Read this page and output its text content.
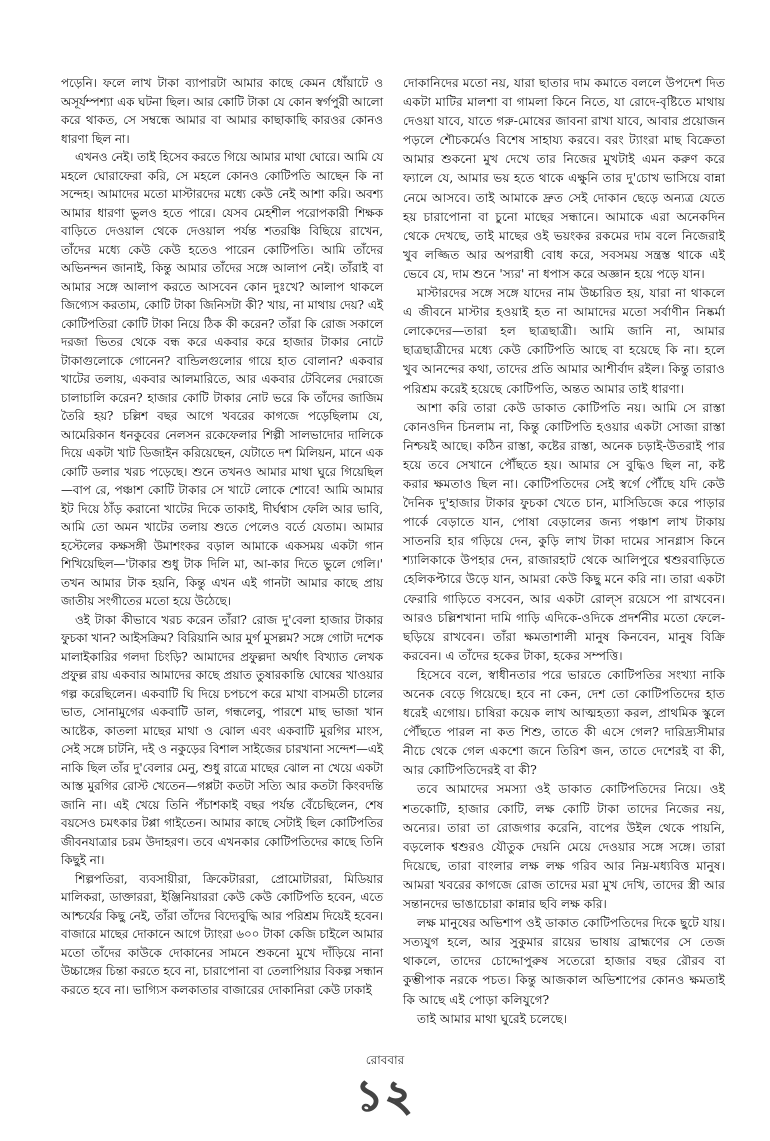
পড়েনি। ফলে লাখ টাকা ব্যাপারটা আমার কাছে কেমন ধোঁয়াটে ও অসূর্যম্পশ্যা এক ঘটনা ছিল। আর কোটি টাকা যে কোন স্বর্গপুরী আলো করে থাকত, সে সম্বন্ধে আমার বা আমার কাছাকাছি কারওর কোনও ধারণা ছিল না।

এখনও নেই। তাই হিসেব করতে গিয়ে আমার মাথা ঘোরে। আমি যে মহলে ঘোরাফেরা করি, সে মহলে কোনও কোটিপতি আছেন কি না সন্দেহ। আমাদের মতো মাস্টারদের মধ্যে কেউ নেই আশা করি। অবশ্য আমার ধারণা ভুলও হতে পারে। যেসব মেহশীল পরোপকারী শিক্ষক বাড়িতে দেওয়াল থেকে দেওয়াল পর্যন্ত শতরঞ্চি বিছিয়ে রাখেন, তাঁদের মধ্যে কেউ কেউ হতেও পারেন কোটিপতি। আমি তাঁদের অভিনন্দন জানাই, কিন্তু আমার তাঁদের সঙ্গে আলাপ নেই। তাঁরাই বা আমার সঙ্গে আলাপ করতে আসবেন কোন দুঃখে? আলাপ থাকলে জিগ্যেস করতাম, কোটি টাকা জিনিসটা কী? খায়, না মাথায় দেয়? এই কোটিপতিরা কোটি টাকা নিয়ে ঠিক কী করেন? তাঁরা কি রোজ সকালে দরজা ভিতর থেকে বন্ধ করে একবার করে হাজার টাকার নোটে টাকাগুলোকে গোনেন? বান্ডিলগুলোর গায়ে হাত বোলান? একবার খাটের তলায়, একবার আলমারিতে, আর একবার টেবিলের দেরাজে চালাচালি করেন? হাজার কোটি টাকার নোট ভরে কি তাঁদের জাজিম তৈরি হয়? চল্লিশ বছর আগে খবরের কাগজে পড়েছিলাম যে, আমেরিকান ধনকুবের নেলসন রকেফেলার শিল্পী সালভাদোর দালিকে দিয়ে একটা খাট ডিজাইন করিয়েছেন, যেটাতে দশ মিলিয়ন, মানে এক কোটি ডলার খরচ পড়েছে। শুনে তখনও আমার মাথা ঘুরে গিয়েছিল—বাপ রে, পঞ্চাশ কোটি টাকার সে খাটে লোকে শোবে! আমি আমার ইট দিয়ে ঠাঁড় করানো খাটের দিকে তাকাই, দীর্ঘশ্বাস ফেলি আর ভাবি, আমি তো অমন খাটের তলায় শুতে পেলেও বর্তে যেতাম। আমার হস্টেলের কক্ষসঙ্গী উমাশংকর বড়াল আমাকে একসময় একটা গান শিখিয়েছিল—'টাকার শুধু টাক দিলি মা, আ-কার দিতে ভুলে গেলি।' তখন আমার টাক হয়নি, কিন্তু এখন এই গানটা আমার কাছে প্রায় জাতীয় সংগীতের মতো হয়ে উঠেছে।

ওই টাকা কীভাবে খরচ করেন তাঁরা? রোজ দু'বেলা হাজার টাকার ফুচকা খান? আইসক্রিম? বিরিয়ানি আর মুর্গ মুসল্লম? সঙ্গে গোটা দশেক মালাইকারির গলদা চিংড়ি? আমাদের প্রফুল্লদা অর্থাৎ বিখ্যাত লেখক প্রফুল্ল রায় একবার আমাদের কাছে প্রয়াত তুষারকান্তি ঘোষের খাওয়ার গল্প করেছিলেন। একবাটি ঘি দিয়ে চপচপে করে মাখা বাসমতী চালের ভাত, সোনামুগের একবাটি ডাল, গন্ধলেবু, পারশে মাছ ভাজা খান আষ্টেক, কাতলা মাছের মাথা ও ঝোল এবং একবাটি মুরগির মাংস, সেই সঙ্গে চাটনি, দই ও নকুড়ের বিশাল সাইজের চারখানা সন্দেশ—এই নাকি ছিল তাঁর দু'বেলার মেনু, শুধু রাত্রে মাছের ঝোল না খেয়ে একটা আস্ত মুরগির রোস্ট খেতেন—গপ্পটা কতটা সত্যি আর কতটা কিংবদন্তি জানি না। এই খেয়ে তিনি পঁচাশকাই বছর পর্যন্ত বেঁচেছিলেন, শেষ বয়সেও চমৎকার টপ্পা গাইতেন। আমার কাছে সেটাই ছিল কোটিপতির জীবনযাত্রার চরম উদাহরণ। তবে এখনকার কোটিপতিদের কাছে তিনি কিছুই না।

শিল্পপতিরা, ব্যবসায়ীরা, ক্রিকেটাররা, প্রোমোটাররা, মিডিয়ার মালিকরা, ডাক্তাররা, ইঞ্জিনিয়াররা কেউ কেউ কোটিপতি হবেন, এতে আশ্চর্যের কিছু নেই, তাঁরা তাঁদের বিদ্যেবুদ্ধি আর পরিশ্রম দিয়েই হবেন। বাজারে মাছের দোকানে আগে ট্যাংরা ৬০০ টাকা কেজি চাইলে আমার মতো তাঁদের কাউকে দোকানের সামনে শুকনো মুখে দাঁড়িয়ে নানা উচ্চাঙ্গের চিন্তা করতে হবে না, চারাপোনা বা তেলাপিয়ার বিকল্প সন্ধান করতে হবে না। ভাগ্যিস কলকাতার বাজারের দোকানিরা কেউ ঢাকাই

দোকানিদের মতো নয়, যারা ছাতার দাম কমাতে বললে উপদেশ দিত একটা মাটির মালশা বা গামলা কিনে নিতে, যা রোদে-বৃষ্টিতে মাথায় দেওয়া যাবে, যাতে গরু-মোষের জাবনা রাখা যাবে, আবার প্রয়োজন পড়লে শৌচকর্মেও বিশেষ সাহায্য করবে। বরং ট্যাংরা মাছ বিক্রেতা আমার শুকনো মুখ দেখে তার নিজের মুখটাই এমন করুণ করে ফ্যালে যে, আমার ভয় হতে থাকে এক্ষুনি তার দু'চোখ ভাসিয়ে বান্না নেমে আসবে। তাই আমাকে দ্রুত সেই দোকান ছেড়ে অন্যত্র যেতে হয় চারাপোনা বা চুনো মাছের সন্ধানে। আমাকে এরা অনেকদিন থেকে দেখছে, তাই মাছের ওই ভয়ংকর রকমের দাম বলে নিজেরাই খুব লজ্জিত আর অপরাধী বোধ করে, সবসময় সন্ত্রস্ত থাকে এই ভেবে যে, দাম শুনে 'স্যর' না ধপাস করে অজ্ঞান হয়ে পড়ে যান।

মাস্টারদের সঙ্গে সঙ্গে যাদের নাম উচ্চারিত হয়, যারা না থাকলে এ জীবনে মাস্টার হওয়াই হত না আমাদের মতো সর্বাণীন নিষ্কর্মা লোকেদের—তারা হল ছাত্রছাত্রী। আমি জানি না, আমার ছাত্রছাত্রীদের মধ্যে কেউ কোটিপতি আছে বা হয়েছে কি না। হলে খুব আনন্দের কথা, তাদের প্রতি আমার আশীর্বাদ রইল। কিন্তু তারাও পরিশ্রম করেই হয়েছে কোটিপতি, অন্তত আমার তাই ধারণা।

আশা করি তারা কেউ ডাকাত কোটিপতি নয়। আমি সে রাস্তা কোনওদিন চিনলাম না, কিন্তু কোটিপতি হওয়ার একটা সোজা রাস্তা নিশ্চয়ই আছে। কঠিন রাস্তা, কষ্টের রাস্তা, অনেক চড়াই-উতরাই পার হয়ে তবে সেখানে পৌঁছতে হয়। আমার সে বুদ্ধিও ছিল না, কষ্ট করার ক্ষমতাও ছিল না। কোটিপতিদের সেই স্বর্গে পৌঁছে যদি কেউ দৈনিক দু'হাজার টাকার ফুচকা খেতে চান, মাসিডিজে করে পাড়ার পার্কে বেড়াতে যান, পোষা বেড়ালের জন্য পঞ্চাশ লাখ টাকায় সাতনরি হার গড়িয়ে দেন, কুড়ি লাখ টাকা দামের সানগ্লাস কিনে শ্যালিকাকে উপহার দেন, রাজারহাট থেকে আলিপুরে শ্বশুরবাড়িতে হেলিকপ্টারে উড়ে যান, আমরা কেউ কিছু মনে করি না। তারা একটা ফেরারি গাড়িতে বসবেন, আর একটা রোল্‌স রয়েসে পা রাখবেন। আরও চল্লিশখানা দামি গাড়ি এদিকে-ওদিকে প্রদর্শনীর মতো ফেলে-ছড়িয়ে রাখবেন। তাঁরা ক্ষমতাশালী মানুষ কিনবেন, মানুষ বিক্রি করবেন। এ তাঁদের হকের টাকা, হকের সম্পত্তি।

হিসেবে বলে, স্বাধীনতার পরে ভারতে কোটিপতির সংখ্যা নাকি অনেক বেড়ে গিয়েছে। হবে না কেন, দেশ তো কোটিপতিদের হাত ধরেই এগোয়। চাষিরা কয়েক লাখ আত্মহত্যা করল, প্রাথমিক স্কুলে পৌঁছতে পারল না কত শিশু, তাতে কী এসে গেল? দারিদ্র্যসীমার নীচে থেকে গেল একশো জনে তিরিশ জন, তাতে দেশেরই বা কী, আর কোটিপতিদেরই বা কী?

তবে আমাদের সমস্যা ওই ডাকাত কোটিপতিদের নিয়ে। ওই শতকোটি, হাজার কোটি, লক্ষ কোটি টাকা তাদের নিজের নয়, অন্যের। তারা তা রোজগার করেনি, বাপের উইল থেকে পায়নি, বড়লোক শ্বশুরও যৌতুক দেয়নি মেয়ে দেওয়ার সঙ্গে সঙ্গে। তারা দিয়েছে, তারা বাংলার লক্ষ লক্ষ গরিব আর নিম্ন-মধ্যবিত্ত মানুষ। আমরা খবরের কাগজে রোজ তাদের মরা মুখ দেখি, তাদের স্ত্রী আর সন্তানদের ভাঙাচোরা কান্নার ছবি লক্ষ করি।

লক্ষ মানুষের অভিশাপ ওই ডাকাত কোটিপতিদের দিকে ছুটে যায়। সত্যযুগ হলে, আর সুকুমার রায়ের ভাষায় ব্রাহ্মণের সে তেজ থাকলে, তাদের চোদ্দোপুরুষ সতেরো হাজার বছর রৌরব বা কুম্ভীপাক নরকে পচত। কিন্তু আজকাল অভিশাপের কোনও ক্ষমতাই কি আছে এই পোড়া কলিযুগে?

তাই আমার মাথা ঘুরেই চলেছে।

রোববার
১২
